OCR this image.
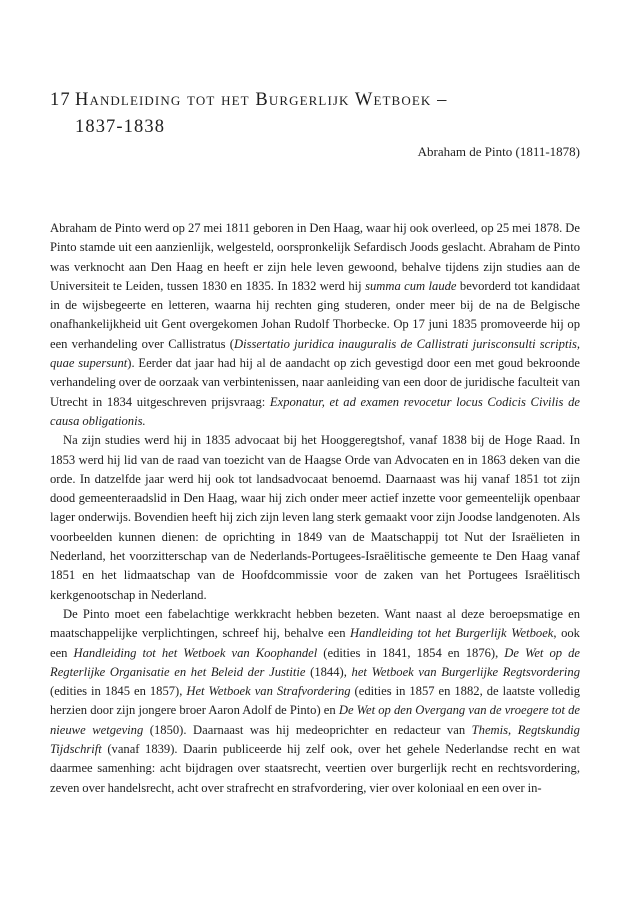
17 Handleiding tot het Burgerlijk Wetboek –
1837-1838
Abraham de Pinto (1811-1878)

Abraham de Pinto werd op 27 mei 1811 geboren in Den Haag, waar hij ook overleed, op 25 mei 1878. De Pinto stamde uit een aanzienlijk, welgesteld, oorspronkelijk Sefardisch Joods geslacht. Abraham de Pinto was verknocht aan Den Haag en heeft er zijn hele leven gewoond, behalve tijdens zijn studies aan de Universiteit te Leiden, tussen 1830 en 1835. In 1832 werd hij summa cum laude bevorderd tot kandidaat in de wijsbegeerte en letteren, waarna hij rechten ging studeren, onder meer bij de na de Belgische onafhankelijkheid uit Gent overgekomen Johan Rudolf Thorbecke. Op 17 juni 1835 promoveerde hij op een verhandeling over Callistratus (Dissertatio juridica inauguralis de Callistrati jurisconsulti scriptis, quae supersunt). Eerder dat jaar had hij al de aandacht op zich gevestigd door een met goud bekroonde verhandeling over de oorzaak van verbintenissen, naar aanleiding van een door de juridische faculteit van Utrecht in 1834 uitgeschreven prijsvraag: Exponatur, et ad examen revocetur locus Codicis Civilis de causa obligationis.

Na zijn studies werd hij in 1835 advocaat bij het Hooggeregtshof, vanaf 1838 bij de Hoge Raad. In 1853 werd hij lid van de raad van toezicht van de Haagse Orde van Advocaten en in 1863 deken van die orde. In datzelfde jaar werd hij ook tot landsadvocaat benoemd. Daarnaast was hij vanaf 1851 tot zijn dood gemeenteraadslid in Den Haag, waar hij zich onder meer actief inzette voor gemeentelijk openbaar lager onderwijs. Bovendien heeft hij zich zijn leven lang sterk gemaakt voor zijn Joodse landgenoten. Als voorbeelden kunnen dienen: de oprichting in 1849 van de Maatschappij tot Nut der Israëlieten in Nederland, het voorzitterschap van de Nederlands-Portugees-Israëlitische gemeente te Den Haag vanaf 1851 en het lidmaatschap van de Hoofdcommissie voor de zaken van het Portugees Israëlitisch kerkgenootschap in Nederland.

De Pinto moet een fabelachtige werkkracht hebben bezeten. Want naast al deze beroepsmatige en maatschappelijke verplichtingen, schreef hij, behalve een Handleiding tot het Burgerlijk Wetboek, ook een Handleiding tot het Wetboek van Koophandel (edities in 1841, 1854 en 1876), De Wet op de Regterlijke Organisatie en het Beleid der Justitie (1844), het Wetboek van Burgerlijke Regtsvordering (edities in 1845 en 1857), Het Wetboek van Strafvordering (edities in 1857 en 1882, de laatste volledig herzien door zijn jongere broer Aaron Adolf de Pinto) en De Wet op den Overgang van de vroegere tot de nieuwe wetgeving (1850). Daarnaast was hij medeoprichter en redacteur van Themis, Regtskundig Tijdschrift (vanaf 1839). Daarin publiceerde hij zelf ook, over het gehele Nederlandse recht en wat daarmee samenhing: acht bijdragen over staatsrecht, veertien over burgerlijk recht en rechtsvordering, zeven over handelsrecht, acht over strafrecht en strafvordering, vier over koloniaal en een over in-
